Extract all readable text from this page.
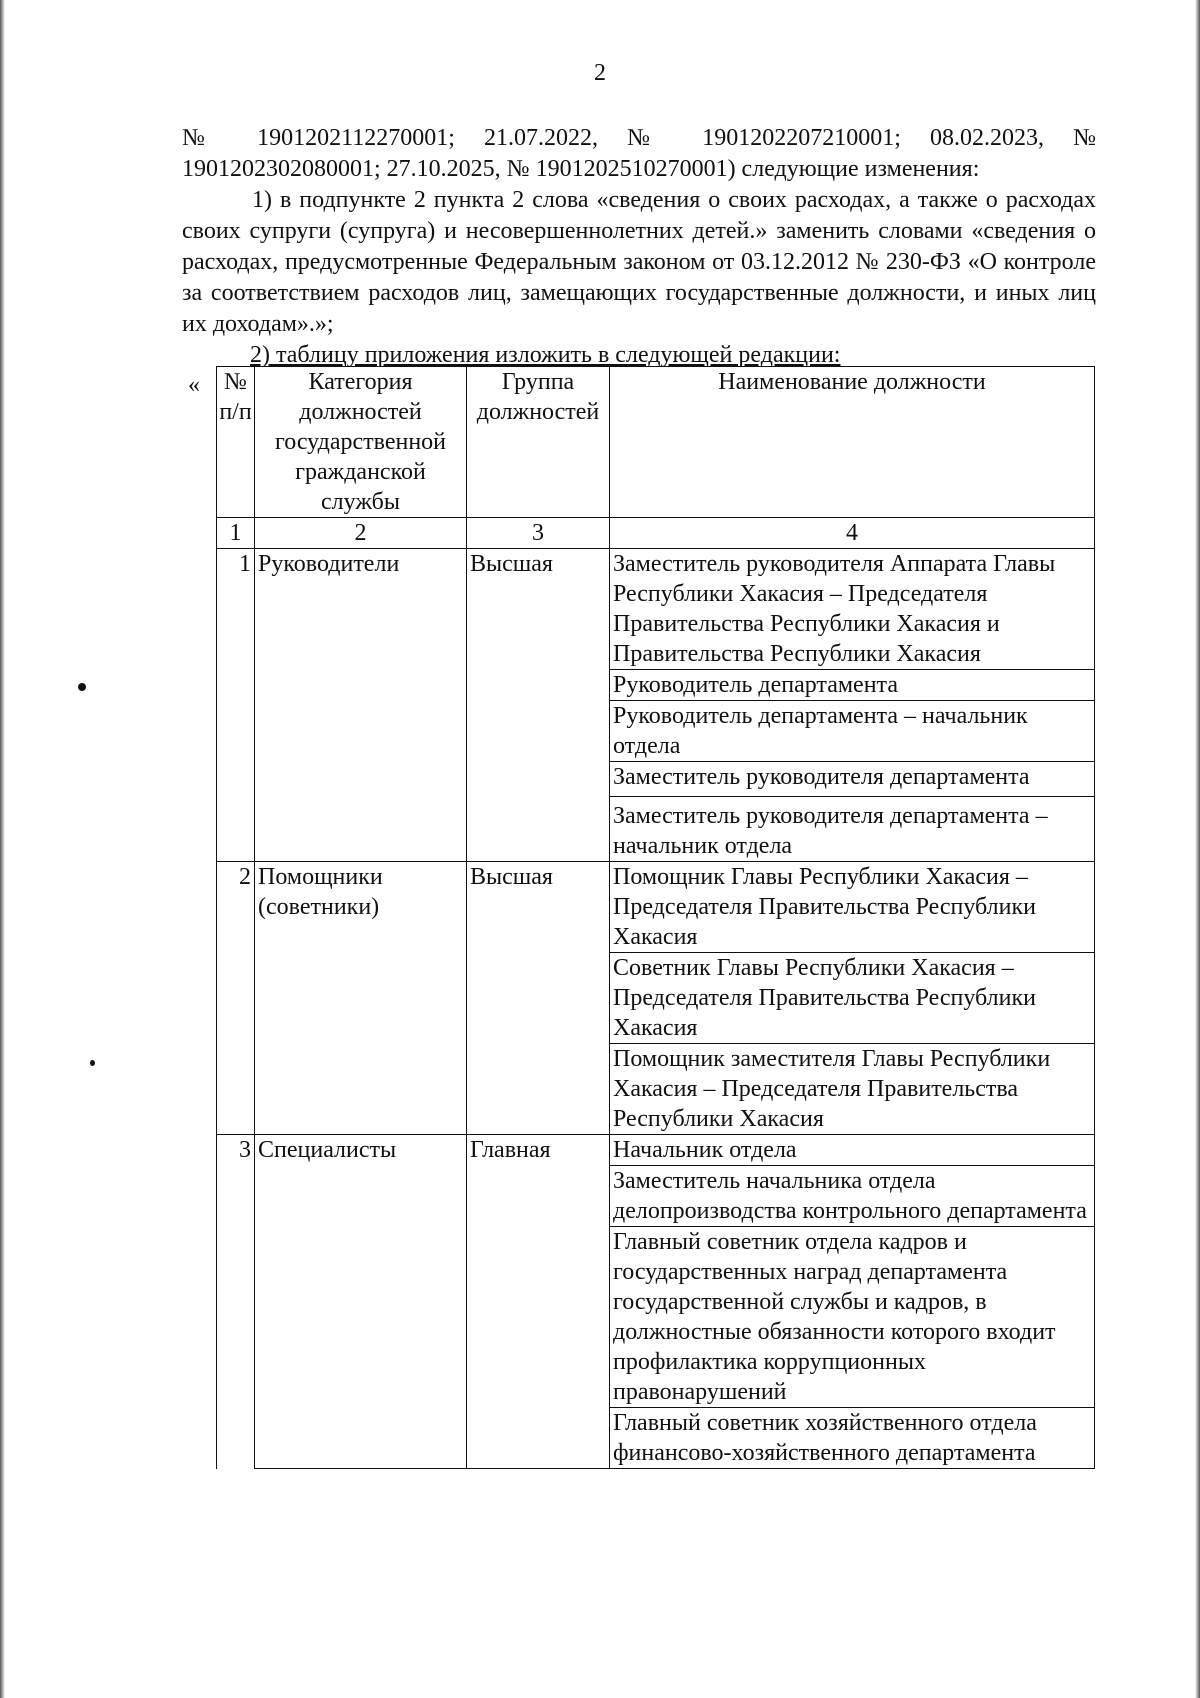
2
№ 1901202112270001; 21.07.2022, № 1901202207210001; 08.02.2023, № 1901202302080001; 27.10.2025, № 1901202510270001) следующие изменения:
1) в подпункте 2 пункта 2 слова «сведения о своих расходах, а также о расходах своих супруги (супруга) и несовершеннолетних детей.» заменить словами «сведения о расходах, предусмотренные Федеральным законом от 03.12.2012 № 230-ФЗ «О контроле за соответствием расходов лиц, замещающих государственные должности, и иных лиц их доходам».»;
2) таблицу приложения изложить в следующей редакции:
« № п/п	Категория должностей государственной гражданской службы	Группа должностей	Наименование должности
1	2	3	4
1	Руководители	Высшая	Заместитель руководителя Аппарата Главы Республики Хакасия – Председателя Правительства Республики Хакасия и Правительства Республики Хакасия
			Руководитель департамента
			Руководитель департамента – начальник отдела
			Заместитель руководителя департамента
			Заместитель руководителя департамента – начальник отдела
2	Помощники (советники)	Высшая	Помощник Главы Республики Хакасия – Председателя Правительства Республики Хакасия
			Советник Главы Республики Хакасия – Председателя Правительства Республики Хакасия
			Помощник заместителя Главы Республики Хакасия – Председателя Правительства Республики Хакасия
3	Специалисты	Главная	Начальник отдела
			Заместитель начальника отдела делопроизводства контрольного департамента
			Главный советник отдела кадров и государственных наград департамента государственной службы и кадров, в должностные обязанности которого входит профилактика коррупционных правонарушений
			Главный советник хозяйственного отдела финансово-хозяйственного департамента
